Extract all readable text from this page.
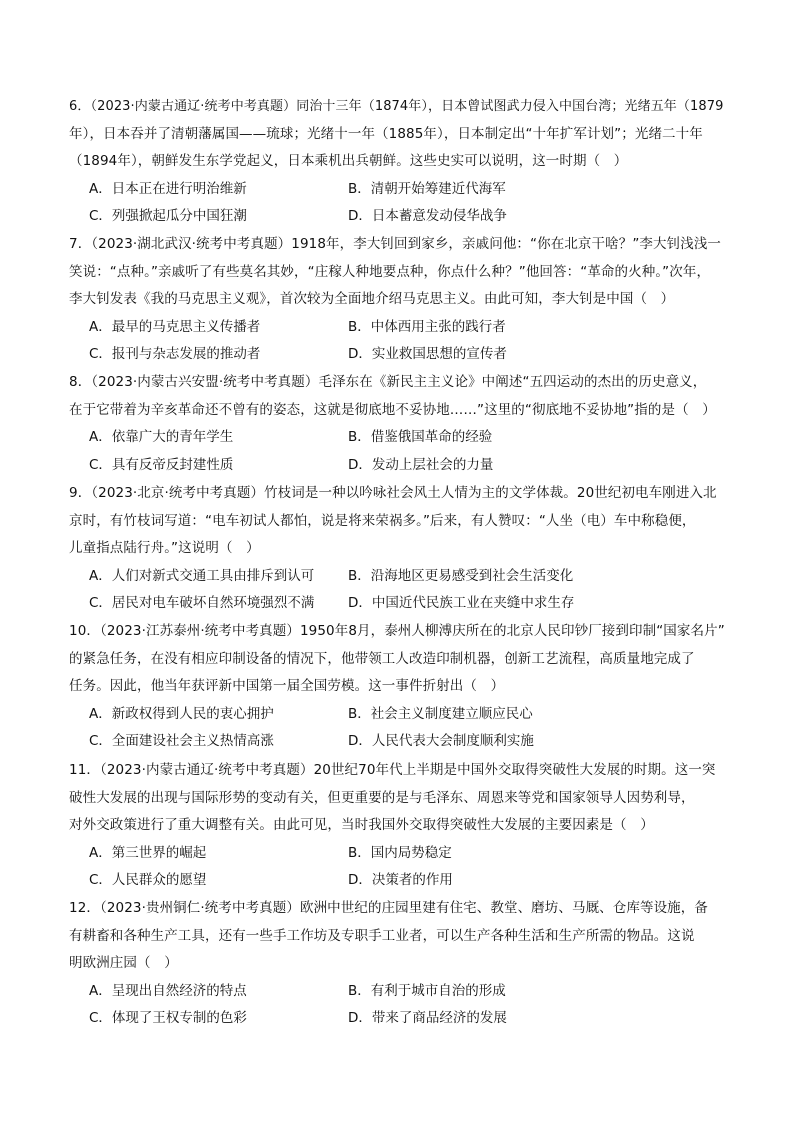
6．（2023·内蒙古通辽·统考中考真题）同治十三年（1874年），日本曾试图武力侵入中国台湾；光绪五年（1879
年），日本吞并了清朝藩属国——琉球；光绪十一年（1885年），日本制定出“十年扩军计划”；光绪二十年
（1894年），朝鲜发生东学党起义，日本乘机出兵朝鲜。这些史实可以说明，这一时期（　）
A．日本正在进行明治维新	B．清朝开始筹建近代海军
C．列强掀起瓜分中国狂潮	D．日本蓄意发动侵华战争
7．（2023·湖北武汉·统考中考真题）1918年，李大钊回到家乡，亲戚问他：“你在北京干啥？”李大钊浅浅一
笑说：“点种。”亲戚听了有些莫名其妙，“庄稼人种地要点种，你点什么种？”他回答：“革命的火种。”次年，
李大钊发表《我的马克思主义观》，首次较为全面地介绍马克思主义。由此可知，李大钊是中国（　）
A．最早的马克思主义传播者	B．中体西用主张的践行者
C．报刊与杂志发展的推动者	D．实业救国思想的宣传者
8．（2023·内蒙古兴安盟·统考中考真题）毛泽东在《新民主主义论》中阐述“五四运动的杰出的历史意义，
在于它带着为辛亥革命还不曾有的姿态，这就是彻底地不妥协地……”这里的“彻底地不妥协地”指的是（　）
A．依靠广大的青年学生	B．借鉴俄国革命的经验
C．具有反帝反封建性质	D．发动上层社会的力量
9．（2023·北京·统考中考真题）竹枝词是一种以吟咏社会风土人情为主的文学体裁。20世纪初电车刚进入北
京时，有竹枝词写道：“电车初试人都怕，说是将来荣祸多。”后来，有人赞叹：“人坐（电）车中称稳便，
儿童指点陆行舟。”这说明（　）
A．人们对新式交通工具由排斥到认可	B．沿海地区更易感受到社会生活变化
C．居民对电车破坏自然环境强烈不满 D．中国近代民族工业在夹缝中求生存
10．（2023·江苏泰州·统考中考真题）1950年8月，泰州人柳溥庆所在的北京人民印钞厂接到印制“国家名片”
的紧急任务，在没有相应印制设备的情况下，他带领工人改造印制机器，创新工艺流程，高质量地完成了
任务。因此，他当年获评新中国第一届全国劳模。这一事件折射出（　）
A．新政权得到人民的衷心拥护	B．社会主义制度建立顺应民心
C．全面建设社会主义热情高涨	D．人民代表大会制度顺利实施
11．（2023·内蒙古通辽·统考中考真题）20世纪70年代上半期是中国外交取得突破性大发展的时期。这一突
破性大发展的出现与国际形势的变动有关，但更重要的是与毛泽东、周恩来等党和国家领导人因势利导，
对外交政策进行了重大调整有关。由此可见，当时我国外交取得突破性大发展的主要因素是（　）
A．第三世界的崛起	B．国内局势稳定
C．人民群众的愿望	D．决策者的作用
12．（2023·贵州铜仁·统考中考真题）欧洲中世纪的庄园里建有住宅、教堂、磨坊、马厩、仓库等设施，备
有耕畜和各种生产工具，还有一些手工作坊及专职手工业者，可以生产各种生活和生产所需的物品。这说
明欧洲庄园（　）
A．呈现出自然经济的特点	B．有利于城市自治的形成
C．体现了王权专制的色彩	D．带来了商品经济的发展
